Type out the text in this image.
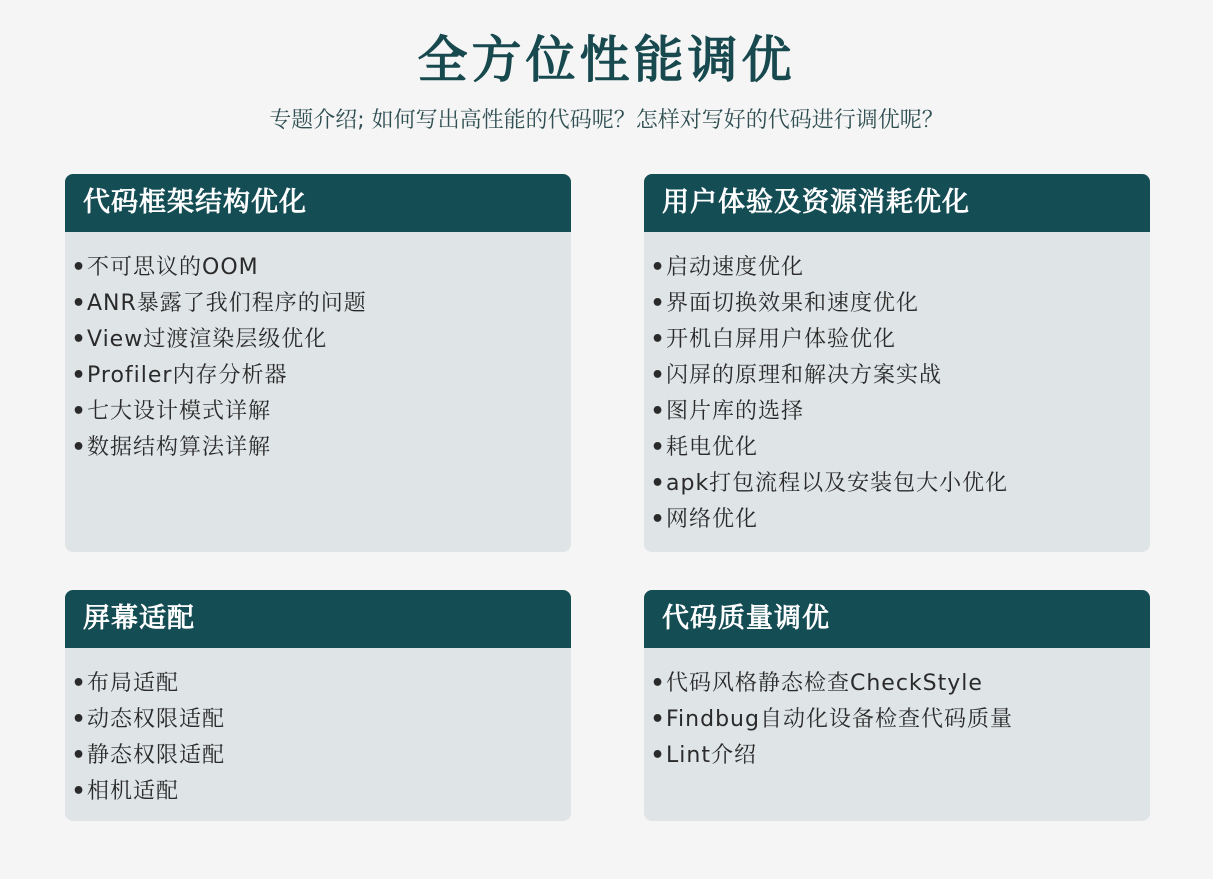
全方位性能调优

专题介绍; 如何写出高性能的代码呢？怎样对写好的代码进行调优呢？

代码框架结构优化
•不可思议的OOM
•ANR暴露了我们程序的问题
•View过渡渲染层级优化
•Profiler内存分析器
•七大设计模式详解
•数据结构算法详解
用户体验及资源消耗优化
•启动速度优化
•界面切换效果和速度优化
•开机白屏用户体验优化
•闪屏的原理和解决方案实战
•图片库的选择
•耗电优化
•apk打包流程以及安装包大小优化
•网络优化
屏幕适配
•布局适配
•动态权限适配
•静态权限适配
•相机适配
代码质量调优
•代码风格静态检查CheckStyle
•Findbug自动化设备检查代码质量
•Lint介绍
